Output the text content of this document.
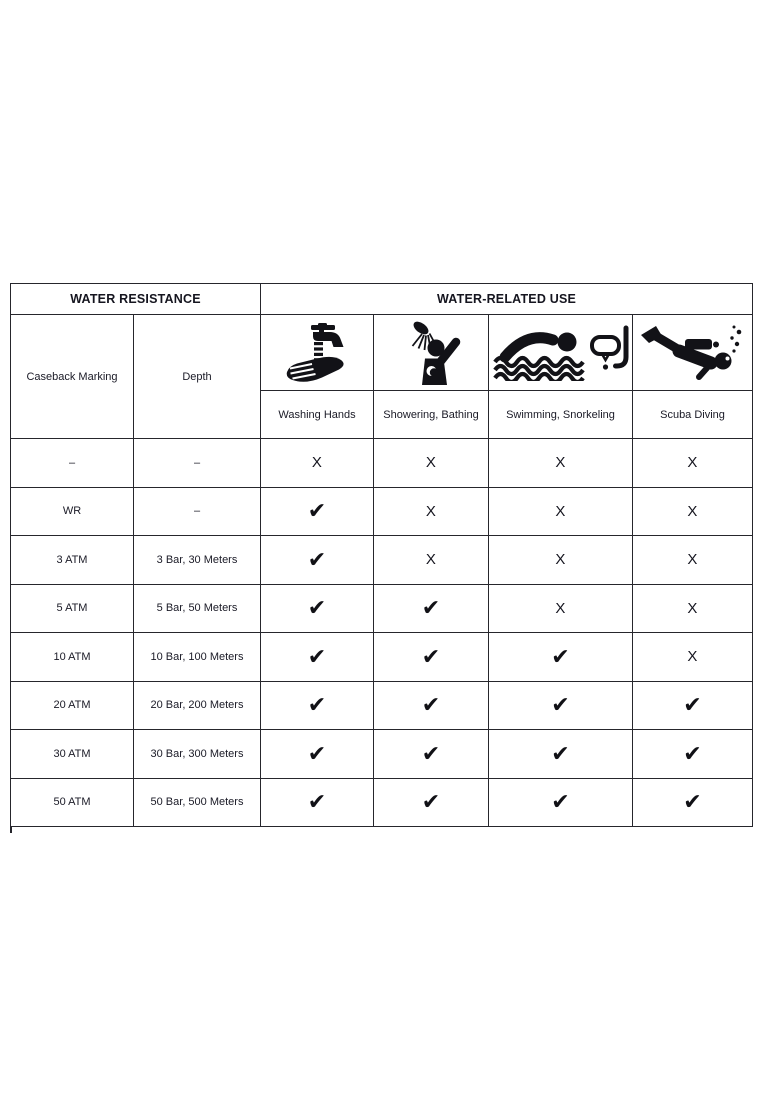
WATER RESISTANCE		WATER-RELATED USE			
Caseback Marking	Depth	

		Washing Hands	Showering, Bathing	Swimming, Snorkeling	Scuba Diving
–	–	X	X	X	X
WR	–	✔	X	X	X
3 ATM	3 Bar, 30 Meters	✔	X	X	X
5 ATM	5 Bar, 50 Meters	✔	✔	X	X
10 ATM	10 Bar, 100 Meters	✔	✔	✔	X
20 ATM	20 Bar, 200 Meters	✔	✔	✔	✔
30 ATM	30 Bar, 300 Meters	✔	✔	✔	✔
50 ATM	50 Bar, 500 Meters	✔	✔	✔	✔
